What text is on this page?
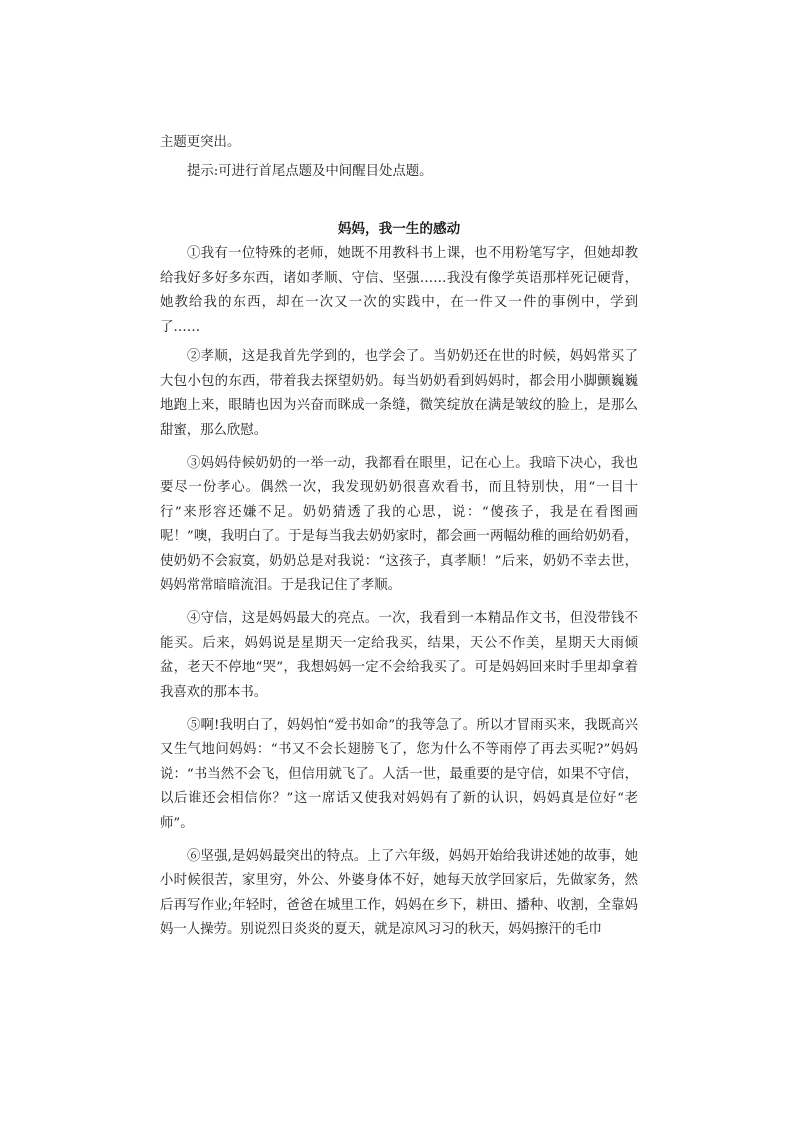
主题更突出。

提示:可进行首尾点题及中间醒目处点题。

妈妈，我一生的感动

①我有一位特殊的老师，她既不用教科书上课，也不用粉笔写字，但她却教给我好多好多东西，诸如孝顺、守信、坚强……我没有像学英语那样死记硬背，她教给我的东西，却在一次又一次的实践中，在一件又一件的事例中，学到了……

②孝顺，这是我首先学到的，也学会了。当奶奶还在世的时候，妈妈常买了大包小包的东西，带着我去探望奶奶。每当奶奶看到妈妈时，都会用小脚颤巍巍地跑上来，眼睛也因为兴奋而眯成一条缝，微笑绽放在满是皱纹的脸上，是那么甜蜜，那么欣慰。

③妈妈侍候奶奶的一举一动，我都看在眼里，记在心上。我暗下决心，我也要尽一份孝心。偶然一次，我发现奶奶很喜欢看书，而且特别快，用“一目十行”来形容还嫌不足。奶奶猜透了我的心思，说：“傻孩子，我是在看图画呢！”噢，我明白了。于是每当我去奶奶家时，都会画一两幅幼稚的画给奶奶看，使奶奶不会寂寞，奶奶总是对我说：“这孩子，真孝顺！”后来，奶奶不幸去世，妈妈常常暗暗流泪。于是我记住了孝顺。

④守信，这是妈妈最大的亮点。一次，我看到一本精品作文书，但没带钱不能买。后来，妈妈说是星期天一定给我买，结果，天公不作美，星期天大雨倾盆，老天不停地“哭”，我想妈妈一定不会给我买了。可是妈妈回来时手里却拿着我喜欢的那本书。

⑤啊!我明白了，妈妈怕“爱书如命”的我等急了。所以才冒雨买来，我既高兴又生气地问妈妈：“书又不会长翅膀飞了，您为什么不等雨停了再去买呢?”妈妈说：“书当然不会飞，但信用就飞了。人活一世，最重要的是守信，如果不守信，以后谁还会相信你？”这一席话又使我对妈妈有了新的认识，妈妈真是位好“老师”。

⑥坚强,是妈妈最突出的特点。上了六年级，妈妈开始给我讲述她的故事，她小时候很苦，家里穷，外公、外婆身体不好，她每天放学回家后，先做家务，然后再写作业;年轻时，爸爸在城里工作，妈妈在乡下，耕田、播种、收割，全靠妈妈一人操劳。别说烈日炎炎的夏天，就是凉风习习的秋天，妈妈擦汗的毛巾
